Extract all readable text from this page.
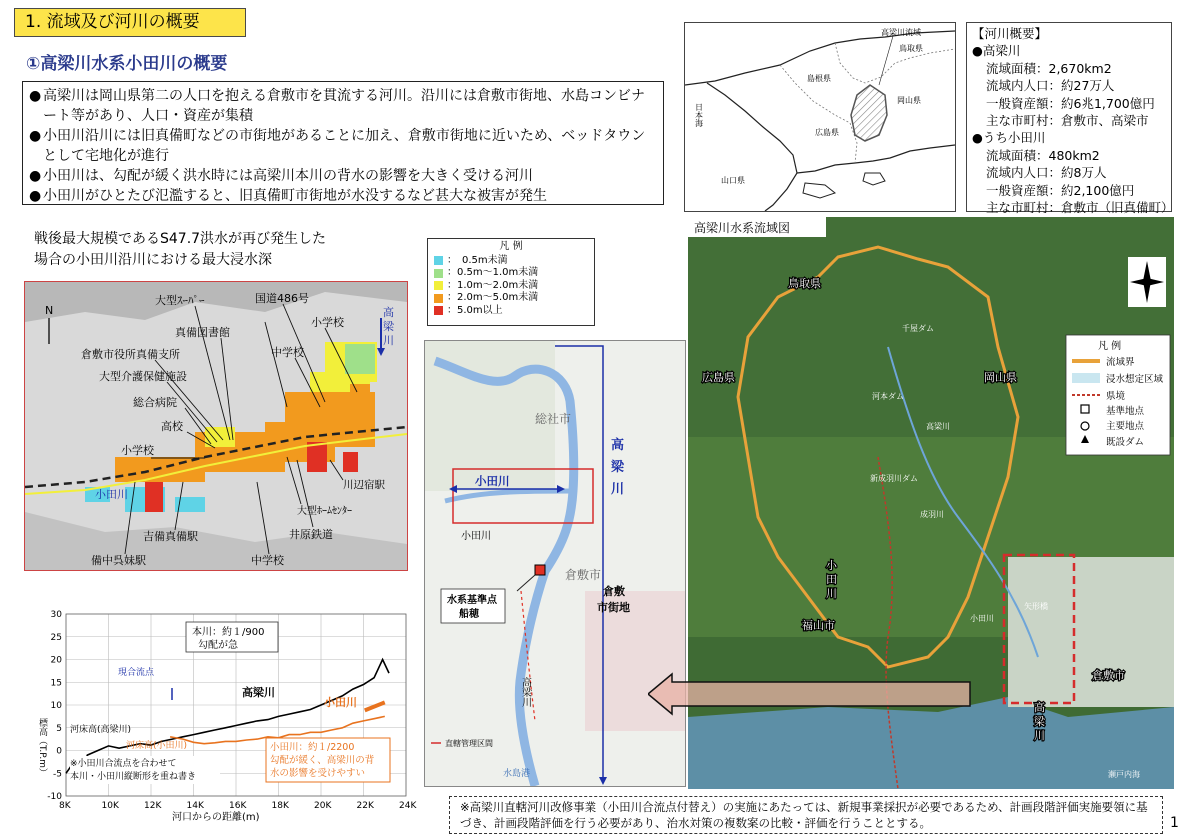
1. 流域及び河川の概要
①高梁川水系小田川の概要
● 高梁川は岡山県第二の人口を抱える倉敷市を貫流する河川。沿川には倉敷市街地、水島コンビナート等があり、人口・資産が集積
● 小田川沿川には旧真備町などの市街地があることに加え、倉敷市街地に近いため、ベッドタウンとして宅地化が進行
● 小田川は、勾配が緩く洪水時には高梁川本川の背水の影響を大きく受ける河川
● 小田川がひとたび氾濫すると、旧真備町市街地が水没するなど甚大な被害が発生
高梁川流域
鳥取県
島根県
岡山県
日本海
広島県
山口県
【河川概要】
●高梁川
流域面積：2,670km2
流域内人口：約27万人
一般資産額：約6兆1,700億円
主な市町村：倉敷市、高梁市
●うち小田川
流域面積：480km2
流域内人口：約8万人
一般資産額：約2,100億円
主な市町村：倉敷市（旧真備町）
戦後最大規模であるS47.7洪水が再び発生した
場合の小田川沿川における最大浸水深
凡 例
：　0.5m未満
：0.5m～1.0m未満
：1.0m～2.0m未満
：2.0m～5.0m未満
：5.0m以上
N
国道486号
高
梁
川
大型ｽｰﾊﾟｰ
真備図書館
小学校
倉敷市役所真備支所	中学校
大型介護保健施設
総合病院
高校
小学校
小田川
川辺宿駅
大型ﾎｰﾑｾﾝﾀｰ
井原鉄道
吉備真備駅
備中呉妹駅	中学校
小田川
小田川
高
梁
川
水系基準点
船穂
倉敷
市街地
高梁川
直轄管理区間
水島港
総社市
倉敷市
高梁川水系流域図
凡 例
流域界
浸水想定区域
県境
基準地点
主要地点
既設ダム
鳥取県
広島県	岡山県
福山市
倉敷市
小
田
川
高
梁
川
小田川
矢形橋
瀬戸内海
成羽川
千屋ダム
河本ダム
新成羽川ダム
高梁川
8K	10K	12K	14K	16K	18K	20K	22K	24K
30
25
20
15
10
5
0
-5
-10
標高（T.P.m）
河口からの距離(m)
現合流点
本川：約１/900
勾配が急
高梁川
小田川
河床高(高梁川)
河床高(小田川)	小田川：約１/2200
勾配が緩く、高梁川の背
水の影響を受けやすい
※小田川合流点を合わせて
本川・小田川縦断形を重ね書き
※高梁川直轄河川改修事業（小田川合流点付替え）の実施にあたっては、新規事業採択が必要であるため、計画段階評価実施要領に基づき、計画段階評価を行う必要があり、治水対策の複数案の比較・評価を行うこととする。	1
